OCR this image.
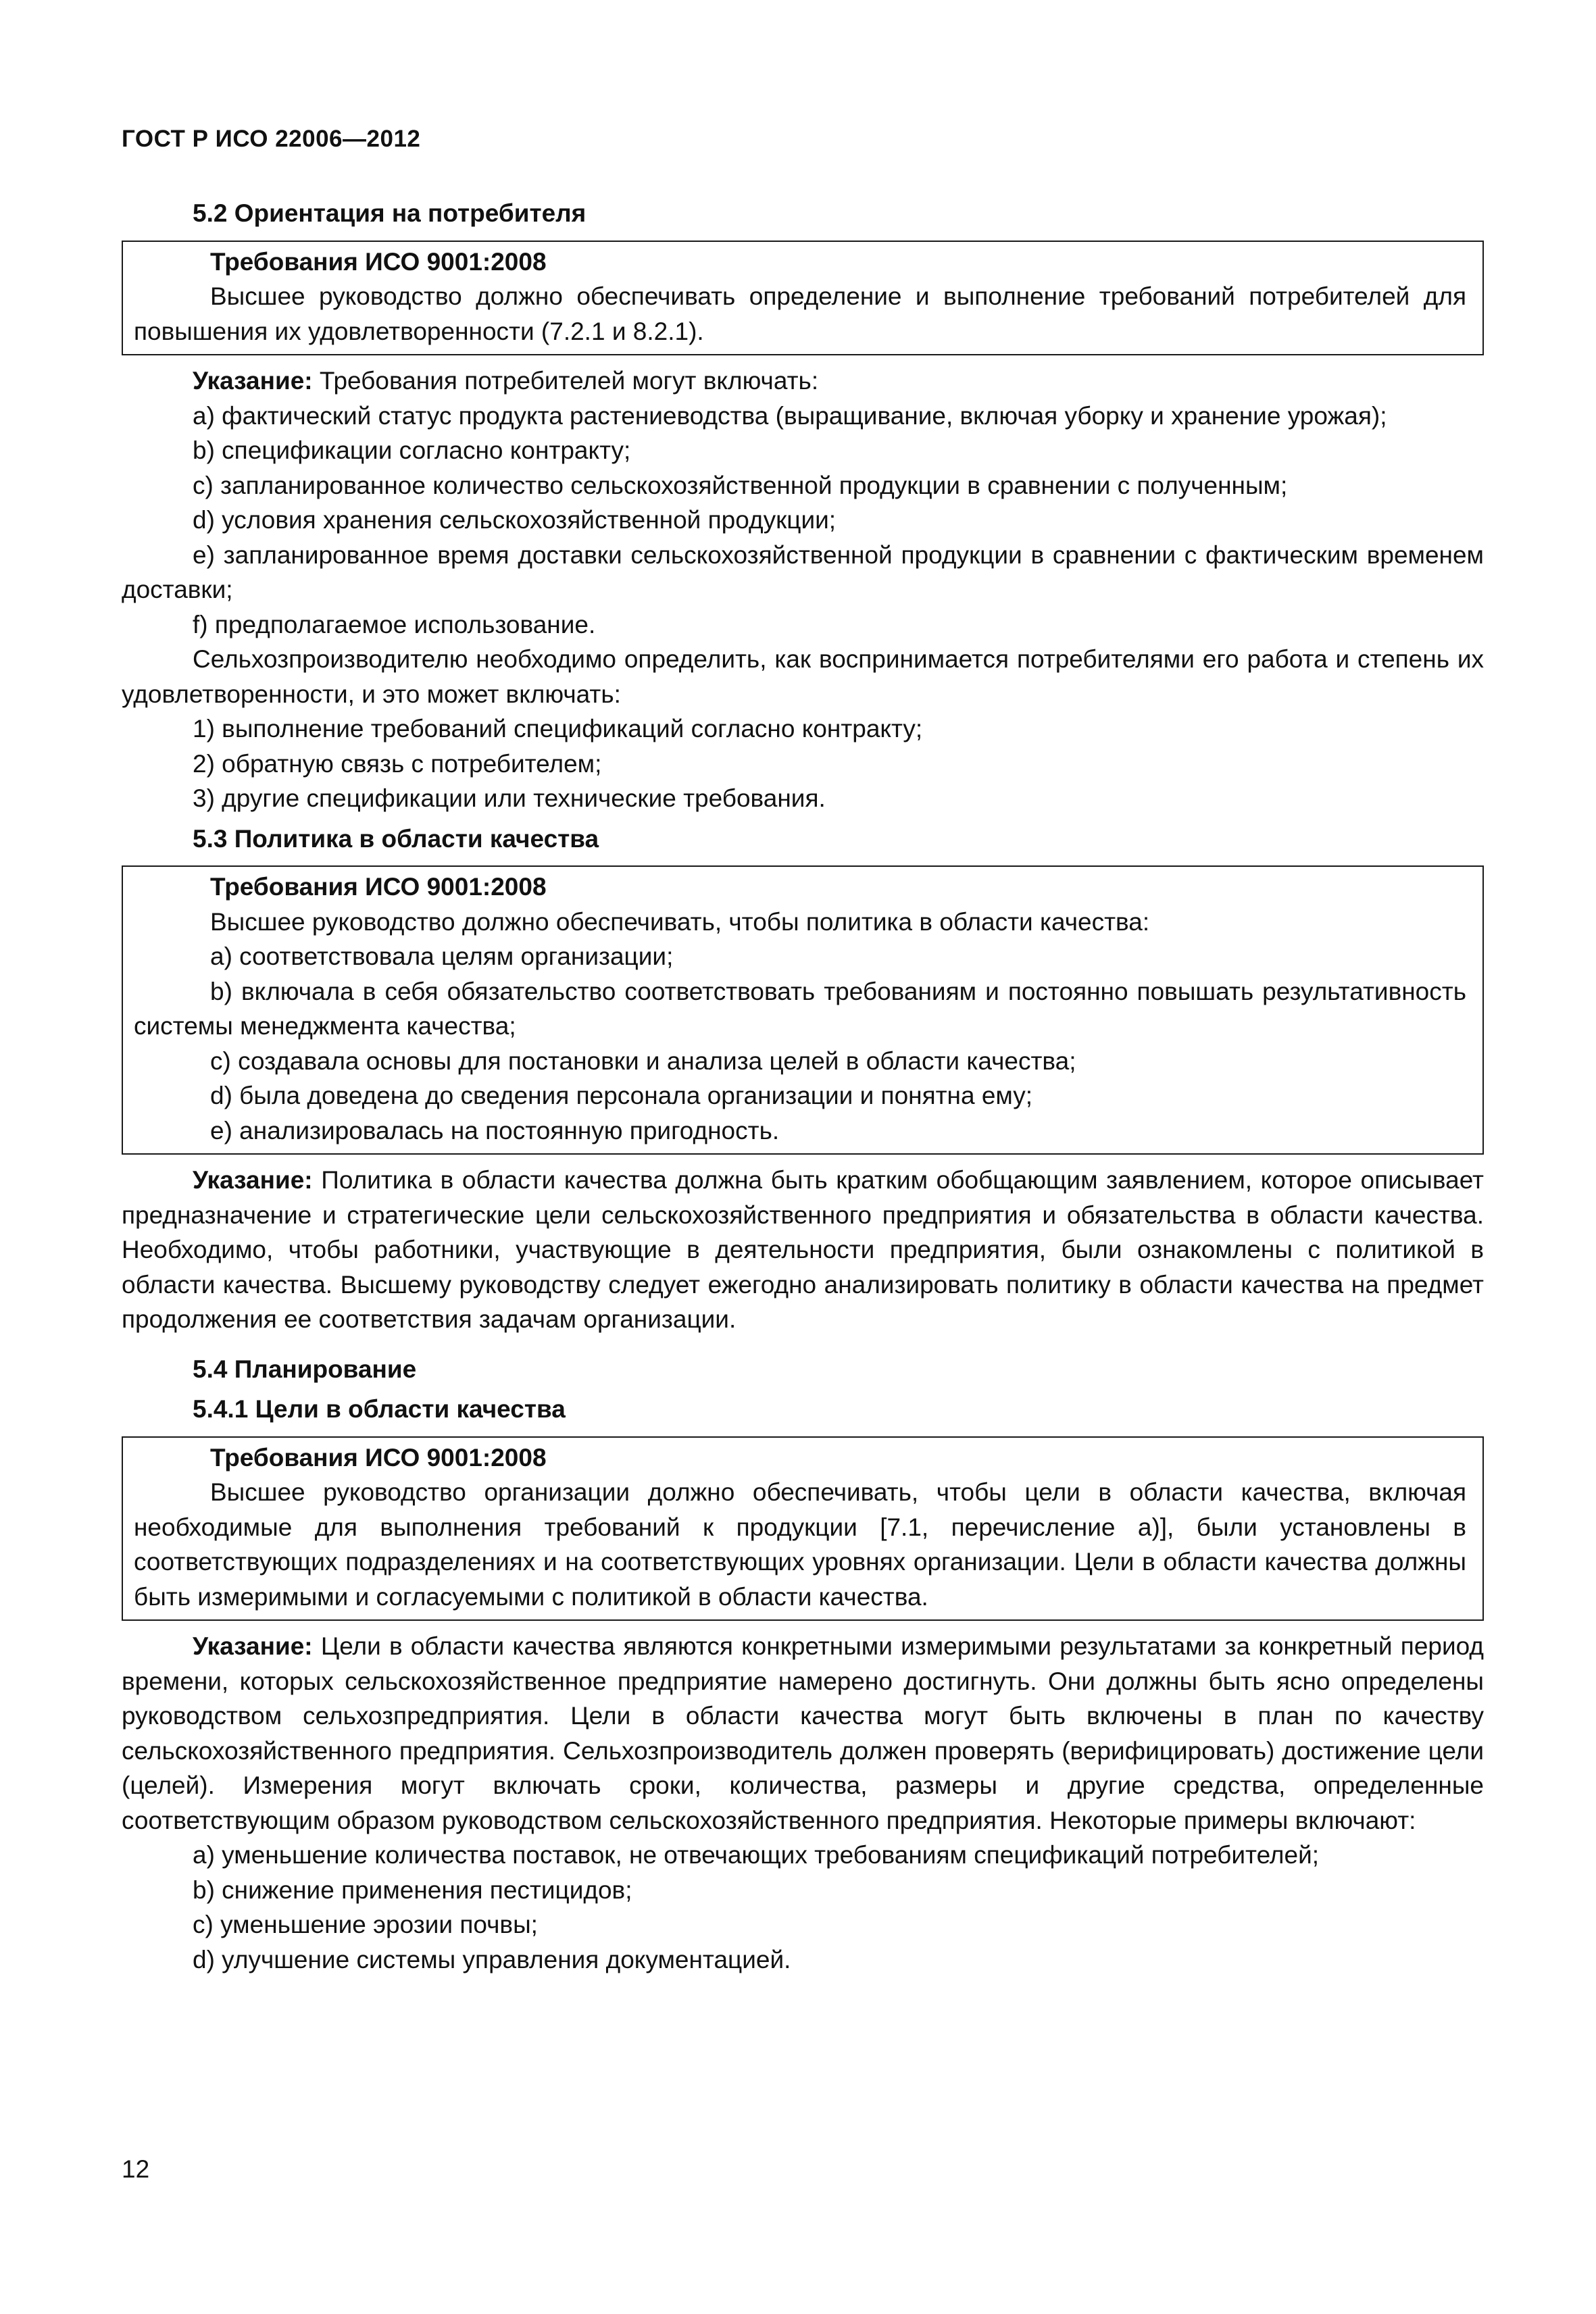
ГОСТ Р ИСО 22006—2012
5.2 Ориентация на потребителя
Требования ИСО 9001:2008

Высшее руководство должно обеспечивать определение и выполнение требований потребителей для повышения их удовлетворенности (7.2.1 и 8.2.1).

Указание: Требования потребителей могут включать:

a) фактический статус продукта растениеводства (выращивание, включая уборку и хранение урожая);

b) спецификации согласно контракту;

c) запланированное количество сельскохозяйственной продукции в сравнении с полученным;

d) условия хранения сельскохозяйственной продукции;

e) запланированное время доставки сельскохозяйственной продукции в сравнении с фактическим временем доставки;

f) предполагаемое использование.

Сельхозпроизводителю необходимо определить, как воспринимается потребителями его работа и степень их удовлетворенности, и это может включать:

1) выполнение требований спецификаций согласно контракту;

2) обратную связь с потребителем;

3) другие спецификации или технические требования.

5.3 Политика в области качества
Требования ИСО 9001:2008

Высшее руководство должно обеспечивать, чтобы политика в области качества:

a) соответствовала целям организации;

b) включала в себя обязательство соответствовать требованиям и постоянно повышать результативность системы менеджмента качества;

c) создавала основы для постановки и анализа целей в области качества;

d) была доведена до сведения персонала организации и понятна ему;

e) анализировалась на постоянную пригодность.

Указание: Политика в области качества должна быть кратким обобщающим заявлением, которое описывает предназначение и стратегические цели сельскохозяйственного предприятия и обязательства в области качества. Необходимо, чтобы работники, участвующие в деятельности предприятия, были ознакомлены с политикой в области качества. Высшему руководству следует ежегодно анализировать политику в области качества на предмет продолжения ее соответствия задачам организации.

5.4 Планирование
5.4.1 Цели в области качества
Требования ИСО 9001:2008

Высшее руководство организации должно обеспечивать, чтобы цели в области качества, включая необходимые для выполнения требований к продукции [7.1, перечисление a)], были установлены в соответствующих подразделениях и на соответствующих уровнях организации. Цели в области качества должны быть измеримыми и согласуемыми с политикой в области качества.

Указание: Цели в области качества являются конкретными измеримыми результатами за конкретный период времени, которых сельскохозяйственное предприятие намерено достигнуть. Они должны быть ясно определены руководством сельхозпредприятия. Цели в области качества могут быть включены в план по качеству сельскохозяйственного предприятия. Сельхозпроизводитель должен проверять (верифицировать) достижение цели (целей). Измерения могут включать сроки, количества, размеры и другие средства, определенные соответствующим образом руководством сельскохозяйственного предприятия. Некоторые примеры включают:

a) уменьшение количества поставок, не отвечающих требованиям спецификаций потребителей;

b) снижение применения пестицидов;

c) уменьшение эрозии почвы;

d) улучшение системы управления документацией.

12
